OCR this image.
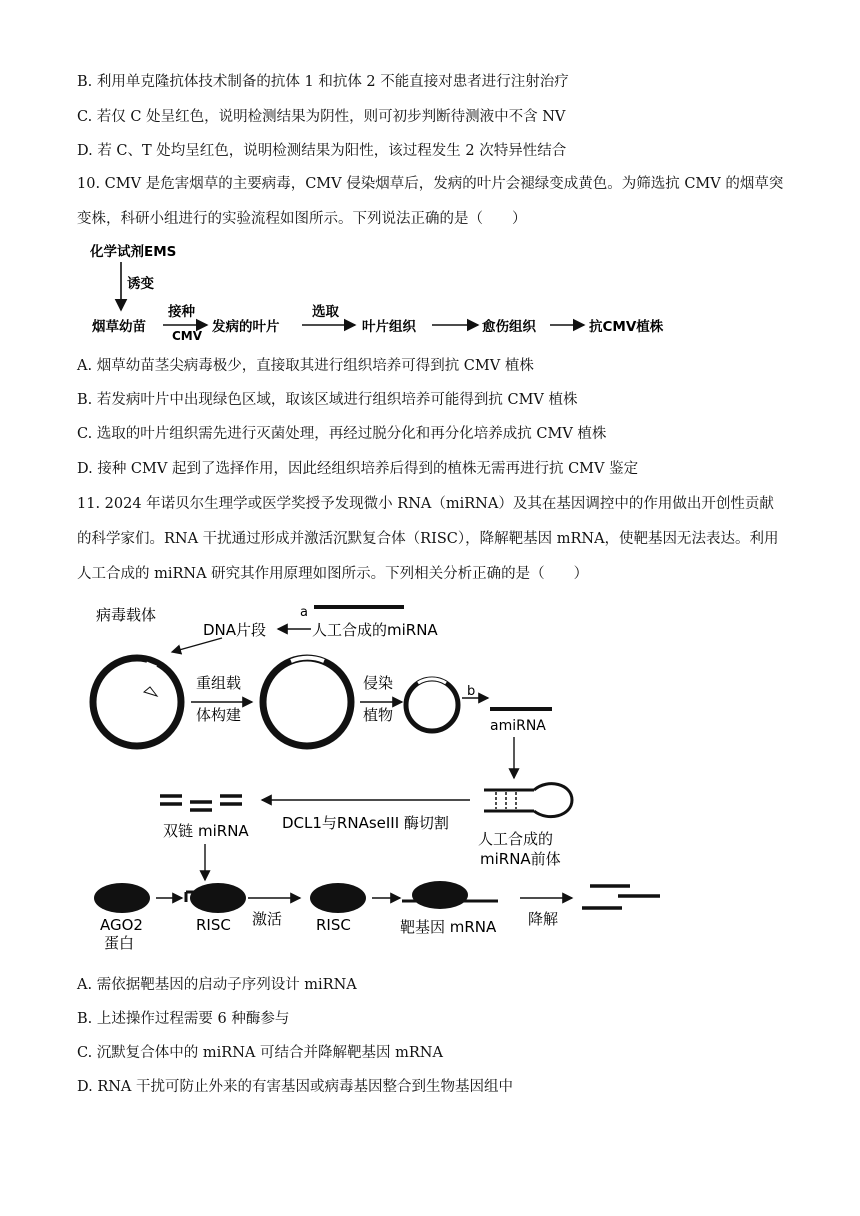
B. 利用单克隆抗体技术制备的抗体 1 和抗体 2 不能直接对患者进行注射治疗
C. 若仅 C 处呈红色，说明检测结果为阴性，则可初步判断待测液中不含 NV
D. 若 C、T 处均呈红色，说明检测结果为阳性，该过程发生 2 次特异性结合
10. CMV 是危害烟草的主要病毒，CMV 侵染烟草后，发病的叶片会褪绿变成黄色。为筛选抗 CMV 的烟草突变株，科研小组进行的实验流程如图所示。下列说法正确的是（　　）
化学试剂EMS
诱变
烟草幼苗
接种
CMV
发病的叶片
选取
叶片组织	愈伤组织	抗CMV植株
A. 烟草幼苗茎尖病毒极少，直接取其进行组织培养可得到抗 CMV 植株
B. 若发病叶片中出现绿色区域，取该区域进行组织培养可能得到抗 CMV 植株
C. 选取的叶片组织需先进行灭菌处理，再经过脱分化和再分化培养成抗 CMV 植株
D. 接种 CMV 起到了选择作用，因此经组织培养后得到的植株无需再进行抗 CMV 鉴定
11. 2024 年诺贝尔生理学或医学奖授予发现微小 RNA（miRNA）及其在基因调控中的作用做出开创性贡献的科学家们。RNA 干扰通过形成并激活沉默复合体（RISC），降解靶基因 mRNA，使靶基因无法表达。利用人工合成的 miRNA 研究其作用原理如图所示。下列相关分析正确的是（　　）
病毒载体	a
DNA片段	人工合成的miRNA
重组载
体构建
侵染
植物
b
amiRNA
双链 miRNA DCL1与RNAseIII 酶切割
人工合成的
miRNA前体
AGO2
蛋白
RISC 激活 RISC	靶基因 mRNA 降解
A. 需依据靶基因的启动子序列设计 miRNA
B. 上述操作过程需要 6 种酶参与
C. 沉默复合体中的 miRNA 可结合并降解靶基因 mRNA
D. RNA 干扰可防止外来的有害基因或病毒基因整合到生物基因组中
